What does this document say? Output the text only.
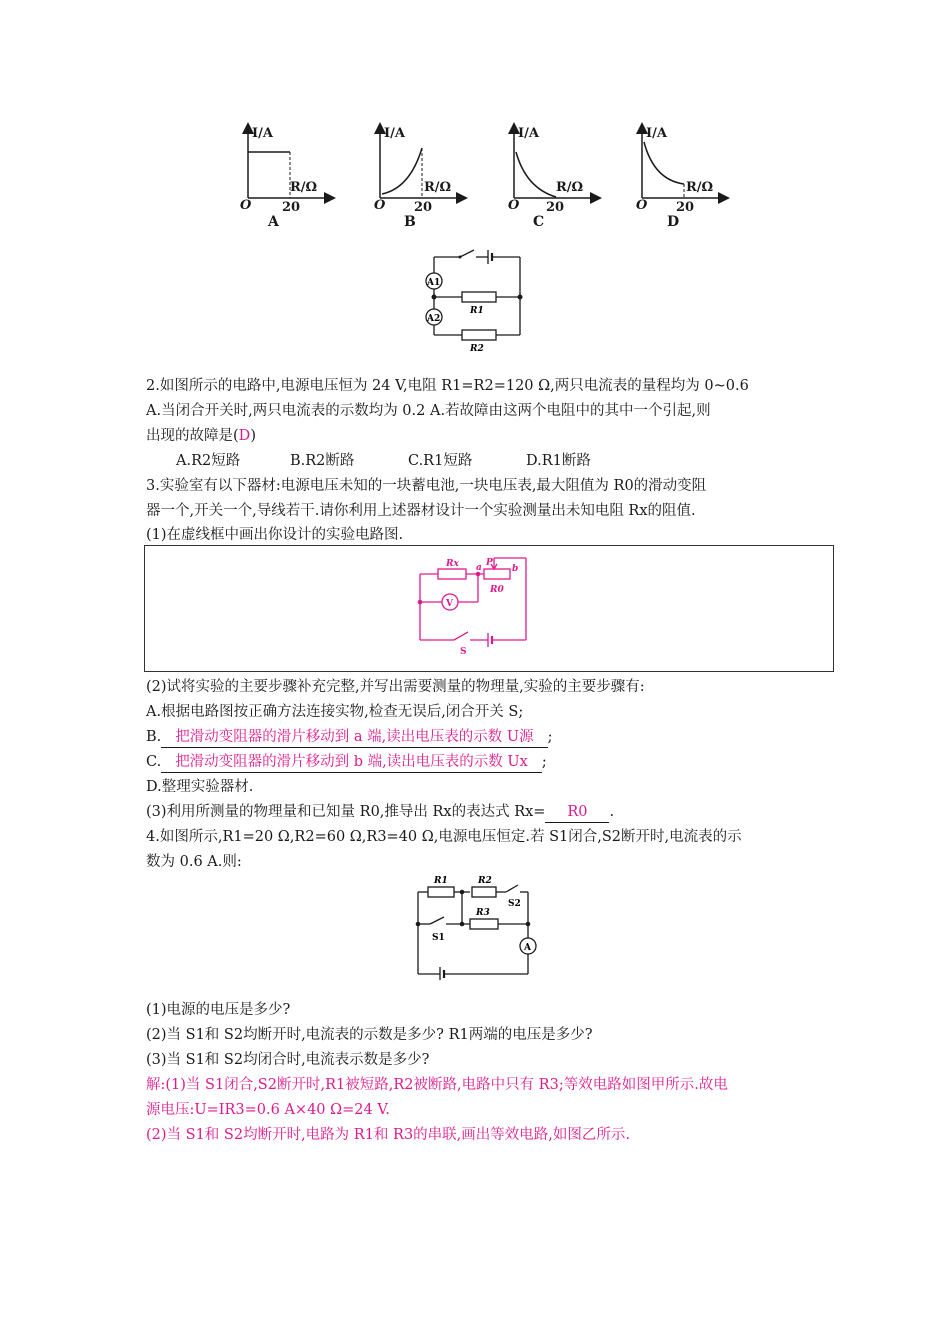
I/A
R/Ω
O 20
A
I/A
R/Ω
O 20
B
I/A
R/Ω
O 20
C
I/A
R/Ω
O 20
D
A1
A2
R1
R2
2.如图所示的电路中,电源电压恒为 24 V,电阻 R1=R2=120 Ω,两只电流表的量程均为 0~0.6
A.当闭合开关时,两只电流表的示数均为 0.2 A.若故障由这两个电阻中的其中一个引起,则
出现的故障是(D)
A.R2短路	B.R2断路	C.R1短路	D.R1断路
3.实验室有以下器材:电源电压未知的一块蓄电池,一块电压表,最大阻值为 R0的滑动变阻
器一个,开关一个,导线若干.请你利用上述器材设计一个实验测量出未知电阻 Rx的阻值.
(1)在虚线框中画出你设计的实验电路图.
Rx a P
b
R0
V
S
(2)试将实验的主要步骤补充完整,并写出需要测量的物理量,实验的主要步骤有:
A.根据电路图按正确方法连接实物,检查无误后,闭合开关 S;
B. 把滑动变阻器的滑片移动到 a 端,读出电压表的示数 U源 ;
C. 把滑动变阻器的滑片移动到 b 端,读出电压表的示数 Ux ;
D.整理实验器材.
(3)利用所测量的物理量和已知量 R0,推导出 Rx的表达式 Rx= R0 .
4.如图所示,R1=20 Ω,R2=60 Ω,R3=40 Ω,电源电压恒定.若 S1闭合,S2断开时,电流表的示
数为 0.6 A.则:
R1	R2
S2
R3
S1
A
(1)电源的电压是多少?
(2)当 S1和 S2均断开时,电流表的示数是多少? R1两端的电压是多少?
(3)当 S1和 S2均闭合时,电流表示数是多少?
解:(1)当 S1闭合,S2断开时,R1被短路,R2被断路,电路中只有 R3;等效电路如图甲所示.故电
源电压:U=IR3=0.6 A×40 Ω=24 V.
(2)当 S1和 S2均断开时,电路为 R1和 R3的串联,画出等效电路,如图乙所示.
